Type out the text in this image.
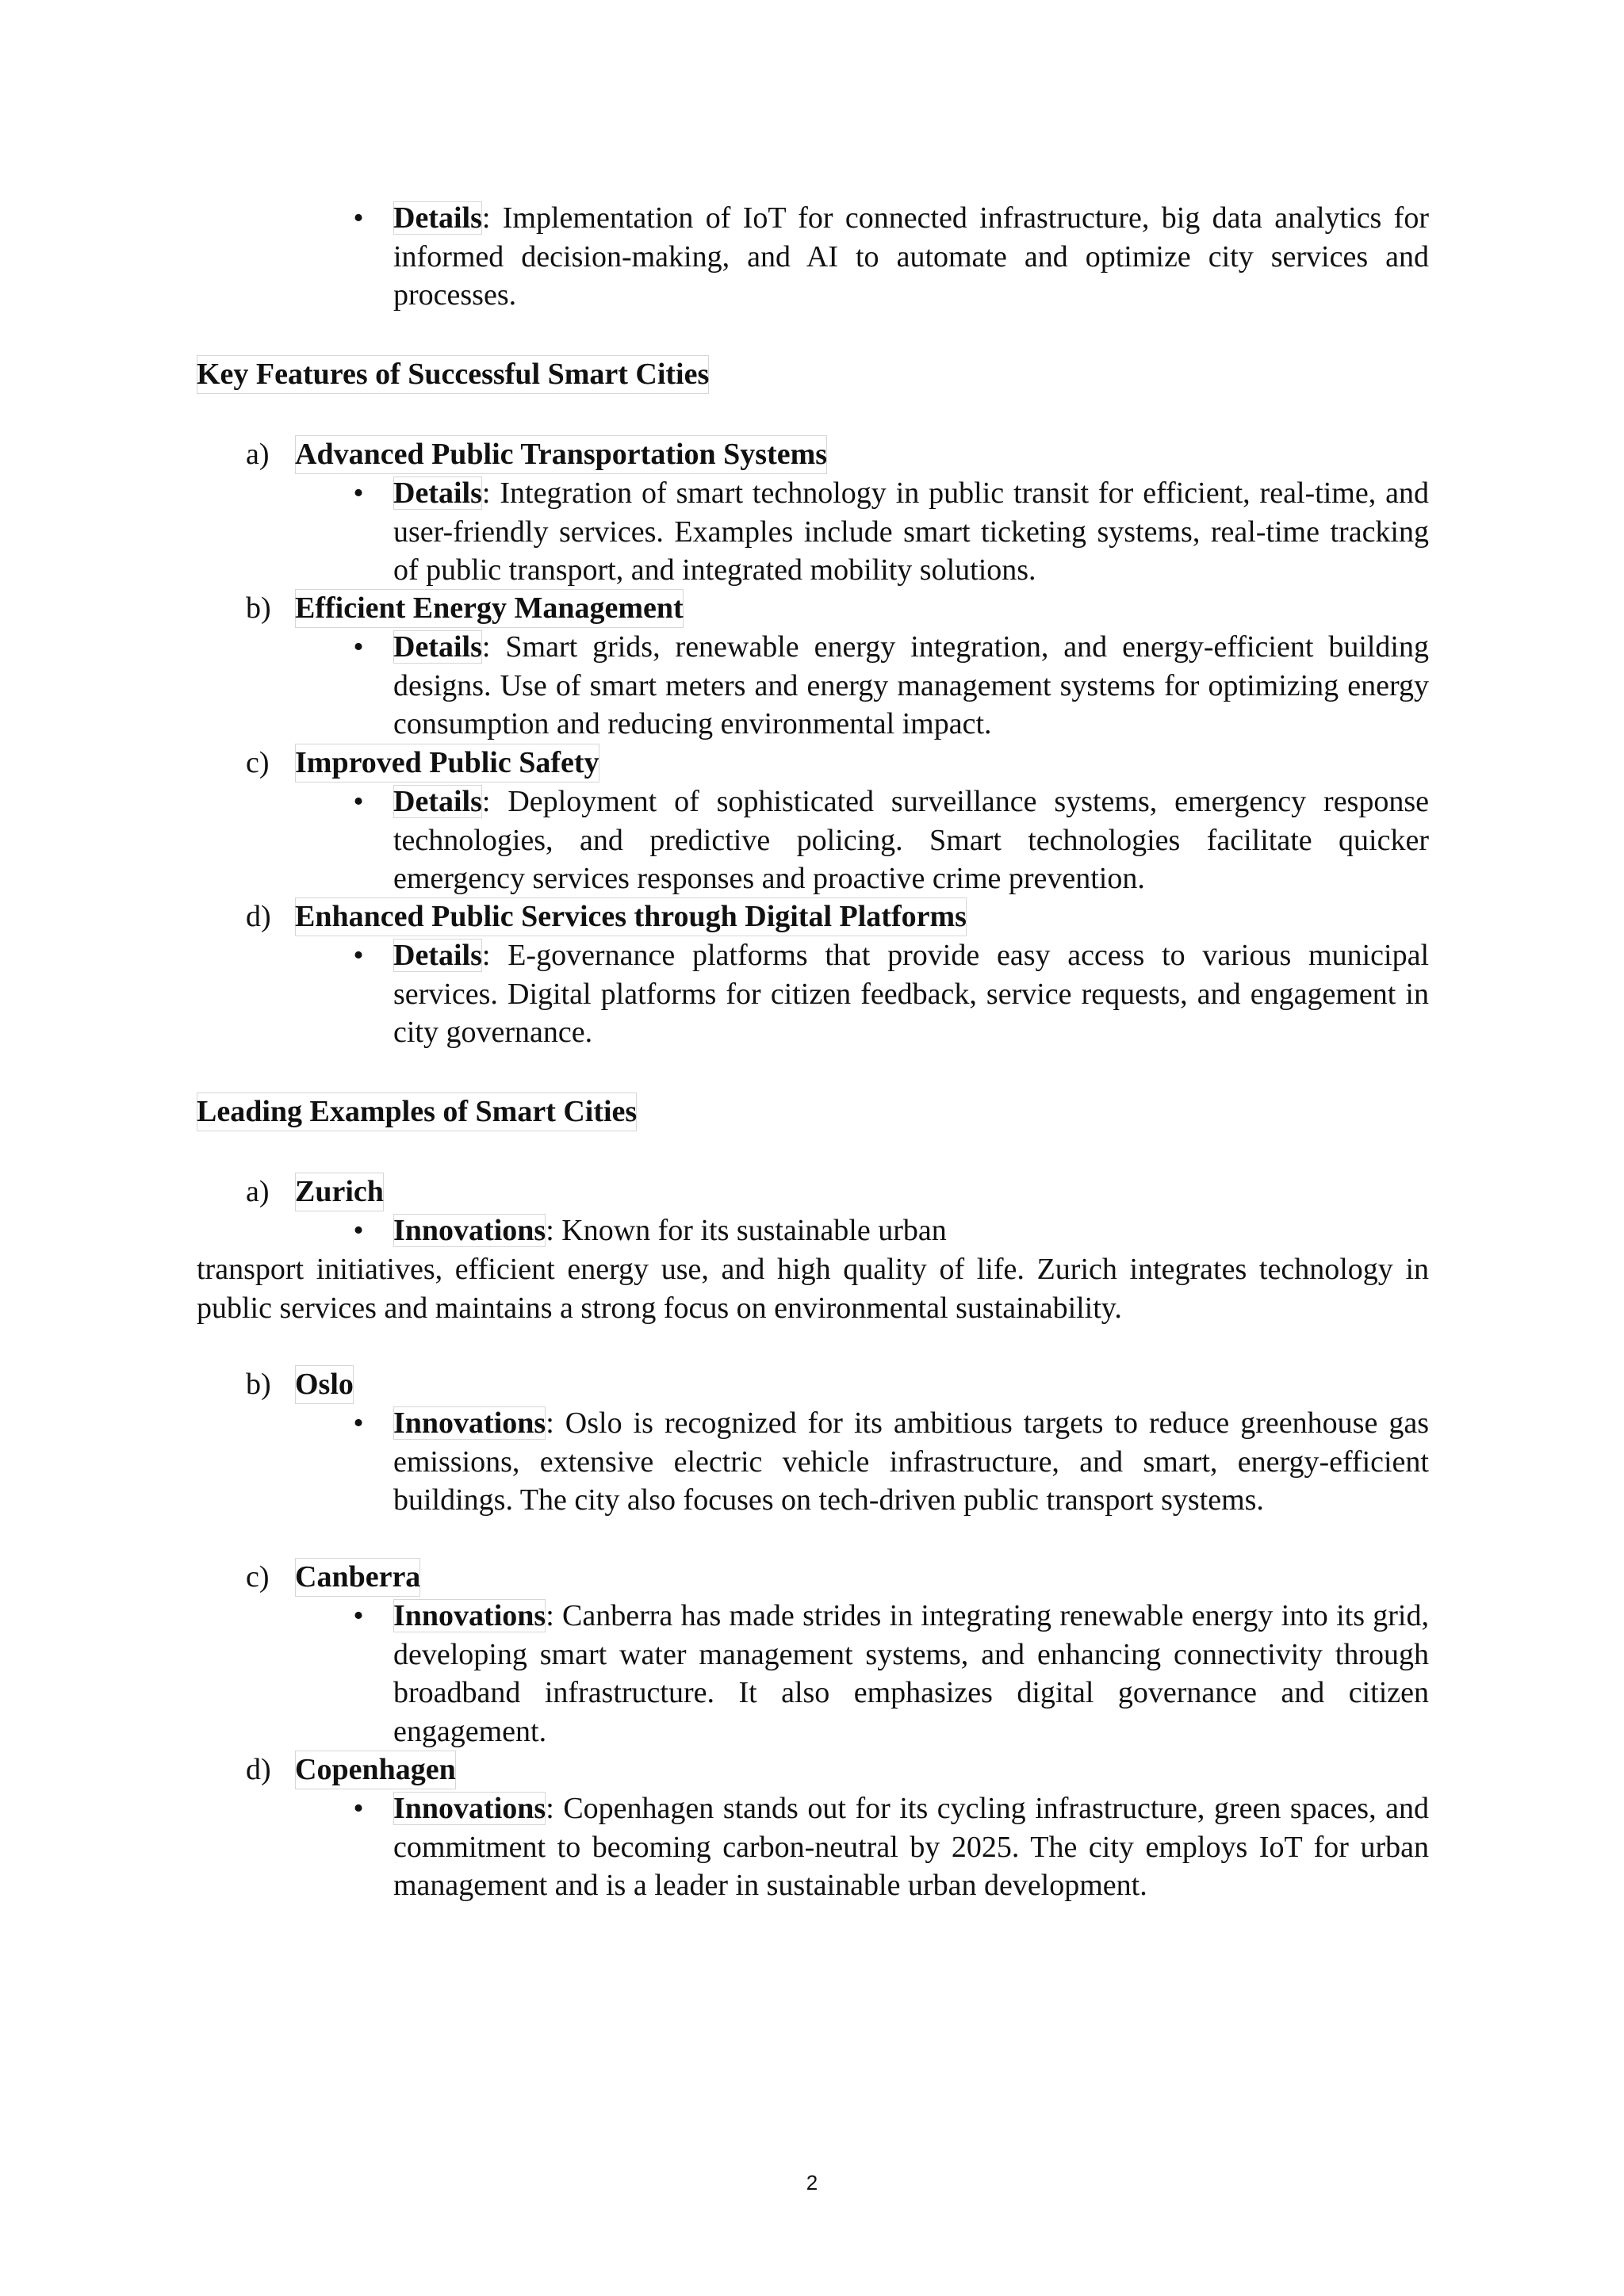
• Details: Implementation of IoT for connected infrastructure, big data analytics for informed decision-making, and AI to automate and optimize city services and processes.
Key Features of Successful Smart Cities
a) Advanced Public Transportation Systems
• Details: Integration of smart technology in public transit for efficient, real-time, and user-friendly services. Examples include smart ticketing systems, real-time tracking of public transport, and integrated mobility solutions.
b) Efficient Energy Management
• Details: Smart grids, renewable energy integration, and energy-efficient building designs. Use of smart meters and energy management systems for optimizing energy consumption and reducing environmental impact.
c) Improved Public Safety
• Details: Deployment of sophisticated surveillance systems, emergency response technologies, and predictive policing. Smart technologies facilitate quicker emergency services responses and proactive crime prevention.
d) Enhanced Public Services through Digital Platforms
• Details: E-governance platforms that provide easy access to various municipal services. Digital platforms for citizen feedback, service requests, and engagement in city governance.
Leading Examples of Smart Cities
a) Zurich
• Innovations: Known for its sustainable urban
transport initiatives, efficient energy use, and high quality of life. Zurich integrates technology in public services and maintains a strong focus on environmental sustainability.
b) Oslo
• Innovations: Oslo is recognized for its ambitious targets to reduce greenhouse gas emissions, extensive electric vehicle infrastructure, and smart, energy-efficient buildings. The city also focuses on tech-driven public transport systems.
c) Canberra
• Innovations: Canberra has made strides in integrating renewable energy into its grid, developing smart water management systems, and enhancing connectivity through broadband infrastructure. It also emphasizes digital governance and citizen engagement.
d) Copenhagen
• Innovations: Copenhagen stands out for its cycling infrastructure, green spaces, and commitment to becoming carbon-neutral by 2025. The city employs IoT for urban management and is a leader in sustainable urban development.
2
